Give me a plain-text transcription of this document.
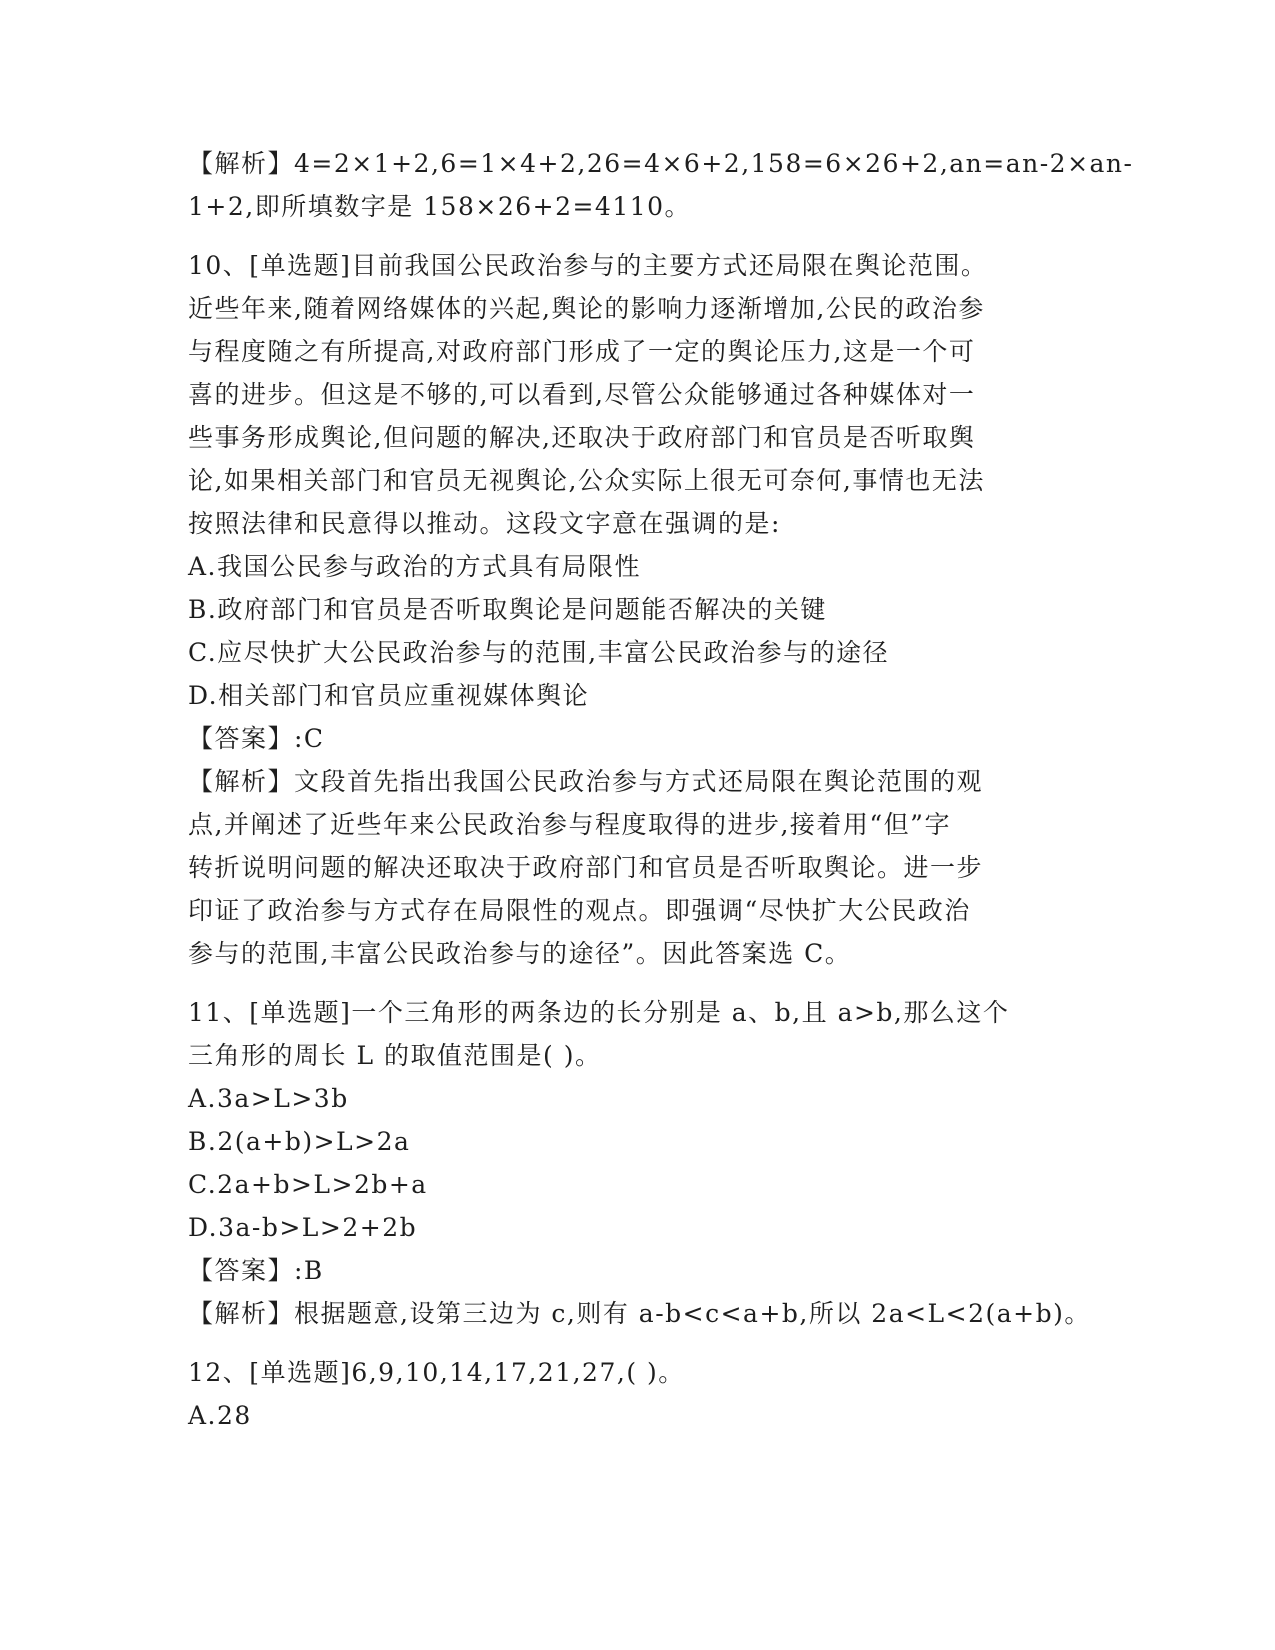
【解析】4=2×1+2,6=1×4+2,26=4×6+2,158=6×26+2,an=an-2×an-
1+2,即所填数字是 158×26+2=4110。
10、[单选题]目前我国公民政治参与的主要方式还局限在舆论范围。
近些年来,随着网络媒体的兴起,舆论的影响力逐渐增加,公民的政治参
与程度随之有所提高,对政府部门形成了一定的舆论压力,这是一个可
喜的进步。但这是不够的,可以看到,尽管公众能够通过各种媒体对一
些事务形成舆论,但问题的解决,还取决于政府部门和官员是否听取舆
论,如果相关部门和官员无视舆论,公众实际上很无可奈何,事情也无法
按照法律和民意得以推动。这段文字意在强调的是:
A.我国公民参与政治的方式具有局限性
B.政府部门和官员是否听取舆论是问题能否解决的关键
C.应尽快扩大公民政治参与的范围,丰富公民政治参与的途径
D.相关部门和官员应重视媒体舆论
【答案】:C
【解析】文段首先指出我国公民政治参与方式还局限在舆论范围的观
点,并阐述了近些年来公民政治参与程度取得的进步,接着用“但”字
转折说明问题的解决还取决于政府部门和官员是否听取舆论。进一步
印证了政治参与方式存在局限性的观点。即强调“尽快扩大公民政治
参与的范围,丰富公民政治参与的途径”。因此答案选 C。
11、[单选题]一个三角形的两条边的长分别是 a、b,且 a>b,那么这个
三角形的周长 L 的取值范围是( )。
A.3a>L>3b
B.2(a+b)>L>2a
C.2a+b>L>2b+a
D.3a-b>L>2+2b
【答案】:B
【解析】根据题意,设第三边为 c,则有 a-b<c<a+b,所以 2a<L<2(a+b)。
12、[单选题]6,9,10,14,17,21,27,( )。
A.28
